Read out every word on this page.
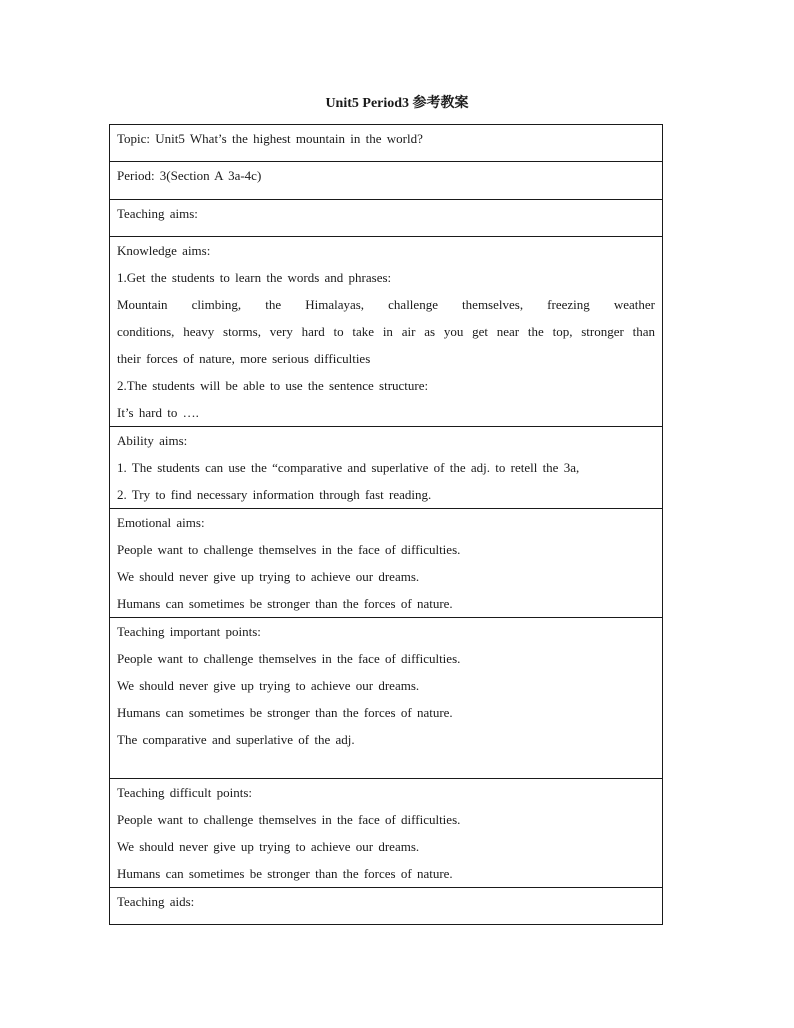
Unit5 Period3 参考教案
Topic: Unit5 What’s the highest mountain in the world?

Period: 3(Section A 3a-4c)

Teaching aims:

Knowledge aims:
1.Get the students to learn the words and phrases:
Mountain climbing, the Himalayas, challenge themselves, freezing weather
conditions, heavy storms, very hard to take in air as you get near the top, stronger than
their forces of nature, more serious difficulties
2.The students will be able to use the sentence structure:
It’s hard to ….

Ability aims:
1. The students can use the “comparative and superlative of the adj. to retell the 3a,
2. Try to find necessary information through fast reading.

Emotional aims:
People want to challenge themselves in the face of difficulties.
We should never give up trying to achieve our dreams.
Humans can sometimes be stronger than the forces of nature.

Teaching important points:
People want to challenge themselves in the face of difficulties.
We should never give up trying to achieve our dreams.
Humans can sometimes be stronger than the forces of nature.
The comparative and superlative of the adj.

Teaching difficult points:
People want to challenge themselves in the face of difficulties.
We should never give up trying to achieve our dreams.
Humans can sometimes be stronger than the forces of nature.

Teaching aids:
